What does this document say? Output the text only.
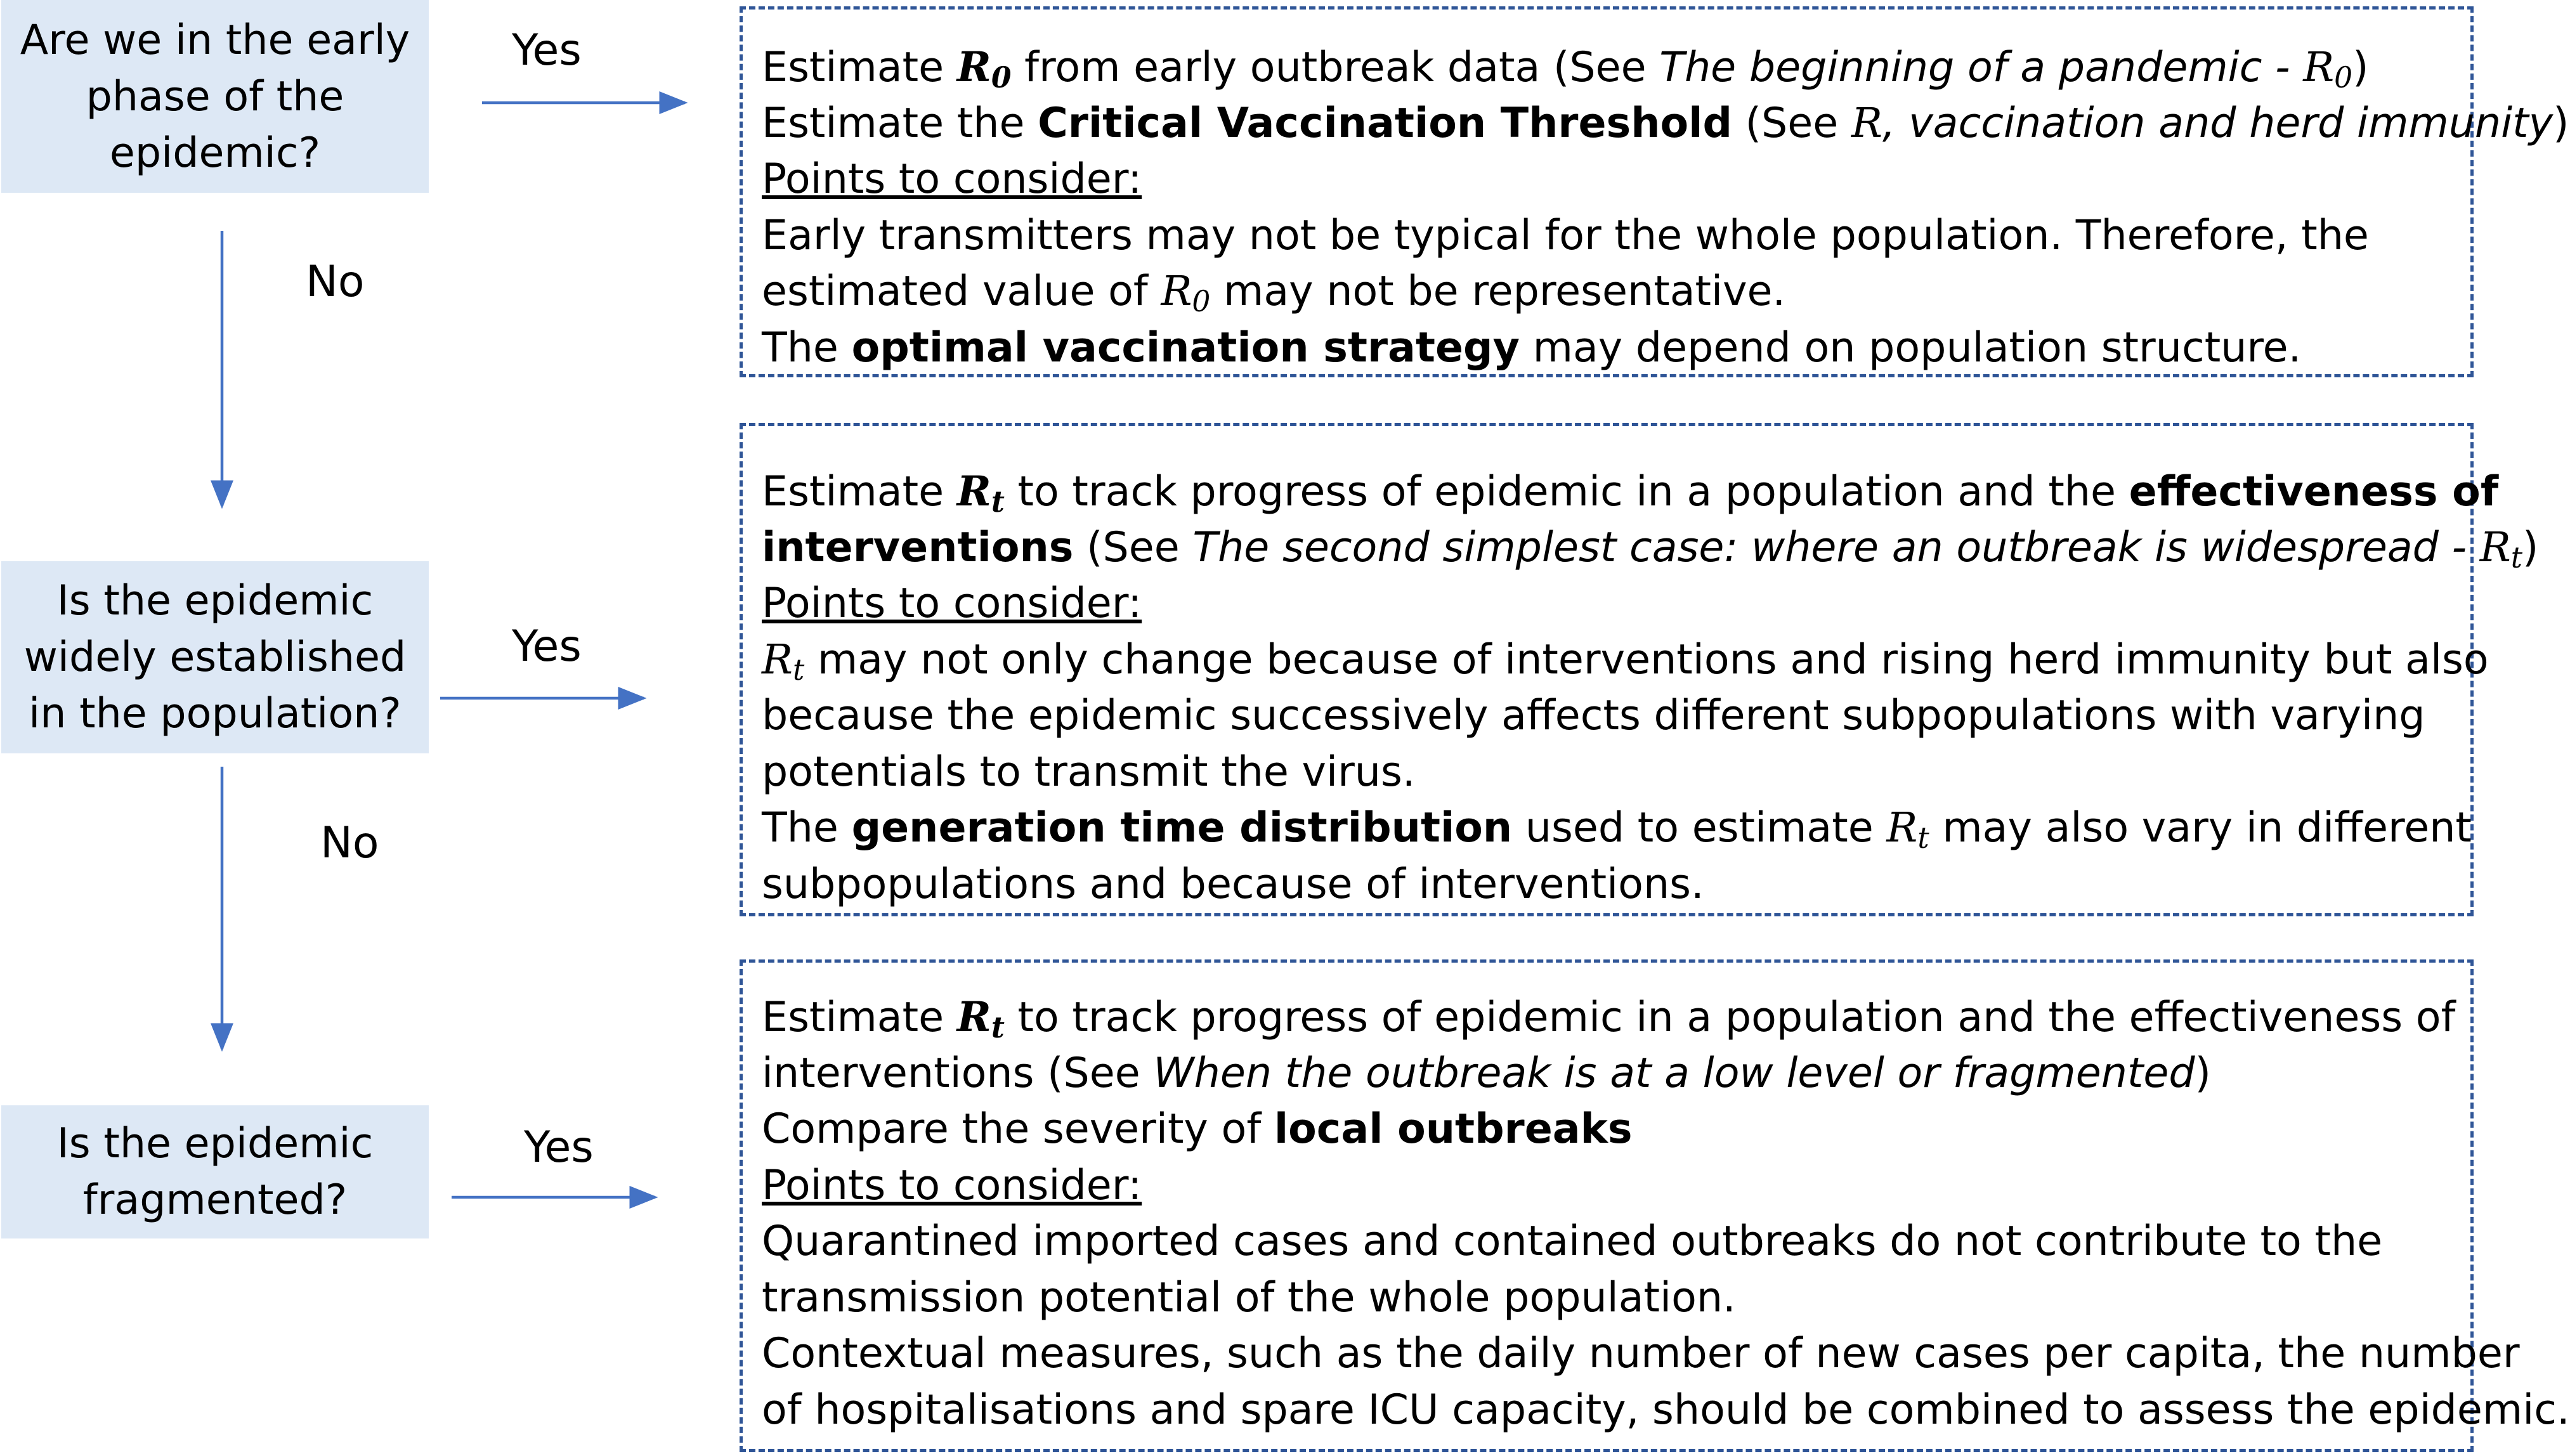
Are we in the early
phase of the
epidemic?
Is the epidemic
widely established
in the population?
Is the epidemic
fragmented?
Yes
Yes
Yes
No
No
Estimate $R_0$ from early outbreak data (See The beginning of a pandemic - $R_0$)
Estimate the Critical Vaccination Threshold (See R, vaccination and herd immunity)
Points to consider:
Early transmitters may not be typical for the whole population. Therefore, the
estimated value of $R_0$ may not be representative.
The optimal vaccination strategy may depend on population structure.
Estimate $R_t$ to track progress of epidemic in a population and the effectiveness of
interventions (See The second simplest case: where an outbreak is widespread - $R_t$)
Points to consider:
$R_t$ may not only change because of interventions and rising herd immunity but also
because the epidemic successively affects different subpopulations with varying
potentials to transmit the virus.
The generation time distribution used to estimate $R_t$ may also vary in different
subpopulations and because of interventions.
Estimate $R_t$ to track progress of epidemic in a population and the effectiveness of
interventions (See When the outbreak is at a low level or fragmented)
Compare the severity of local outbreaks
Points to consider:
Quarantined imported cases and contained outbreaks do not contribute to the
transmission potential of the whole population.
Contextual measures, such as the daily number of new cases per capita, the number
of hospitalisations and spare ICU capacity, should be combined to assess the epidemic.
